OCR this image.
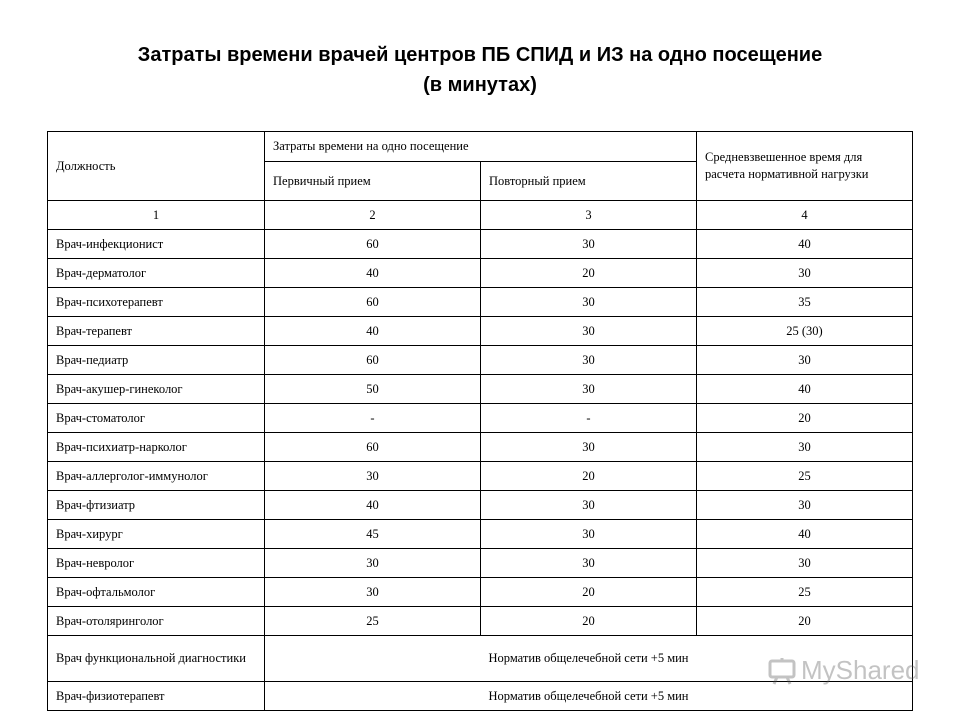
Затраты времени врачей центров ПБ СПИД и ИЗ на одно посещение
(в минутах)
Должность	Затраты времени на одно посещение		Средневзвешенное время для расчета нормативной нагрузки
	Первичный прием	Повторный прием	
1	2	3	4
Врач-инфекционист	60	30	40
Врач-дерматолог	40	20	30
Врач-психотерапевт	60	30	35
Врач-терапевт	40	30	25 (30)
Врач-педиатр	60	30	30
Врач-акушер-гинеколог	50	30	40
Врач-стоматолог	-	-	20
Врач-психиатр-нарколог	60	30	30
Врач-аллерголог-иммунолог	30	20	25
Врач-фтизиатр	40	30	30
Врач-хирург	45	30	40
Врач-невролог	30	30	30
Врач-офтальмолог	30	20	25
Врач-отоляринголог	25	20	20
Врач функциональной диагностики	Норматив общелечебной сети +5 мин		
Врач-физиотерапевт	Норматив общелечебной сети +5 мин		
MyShared
